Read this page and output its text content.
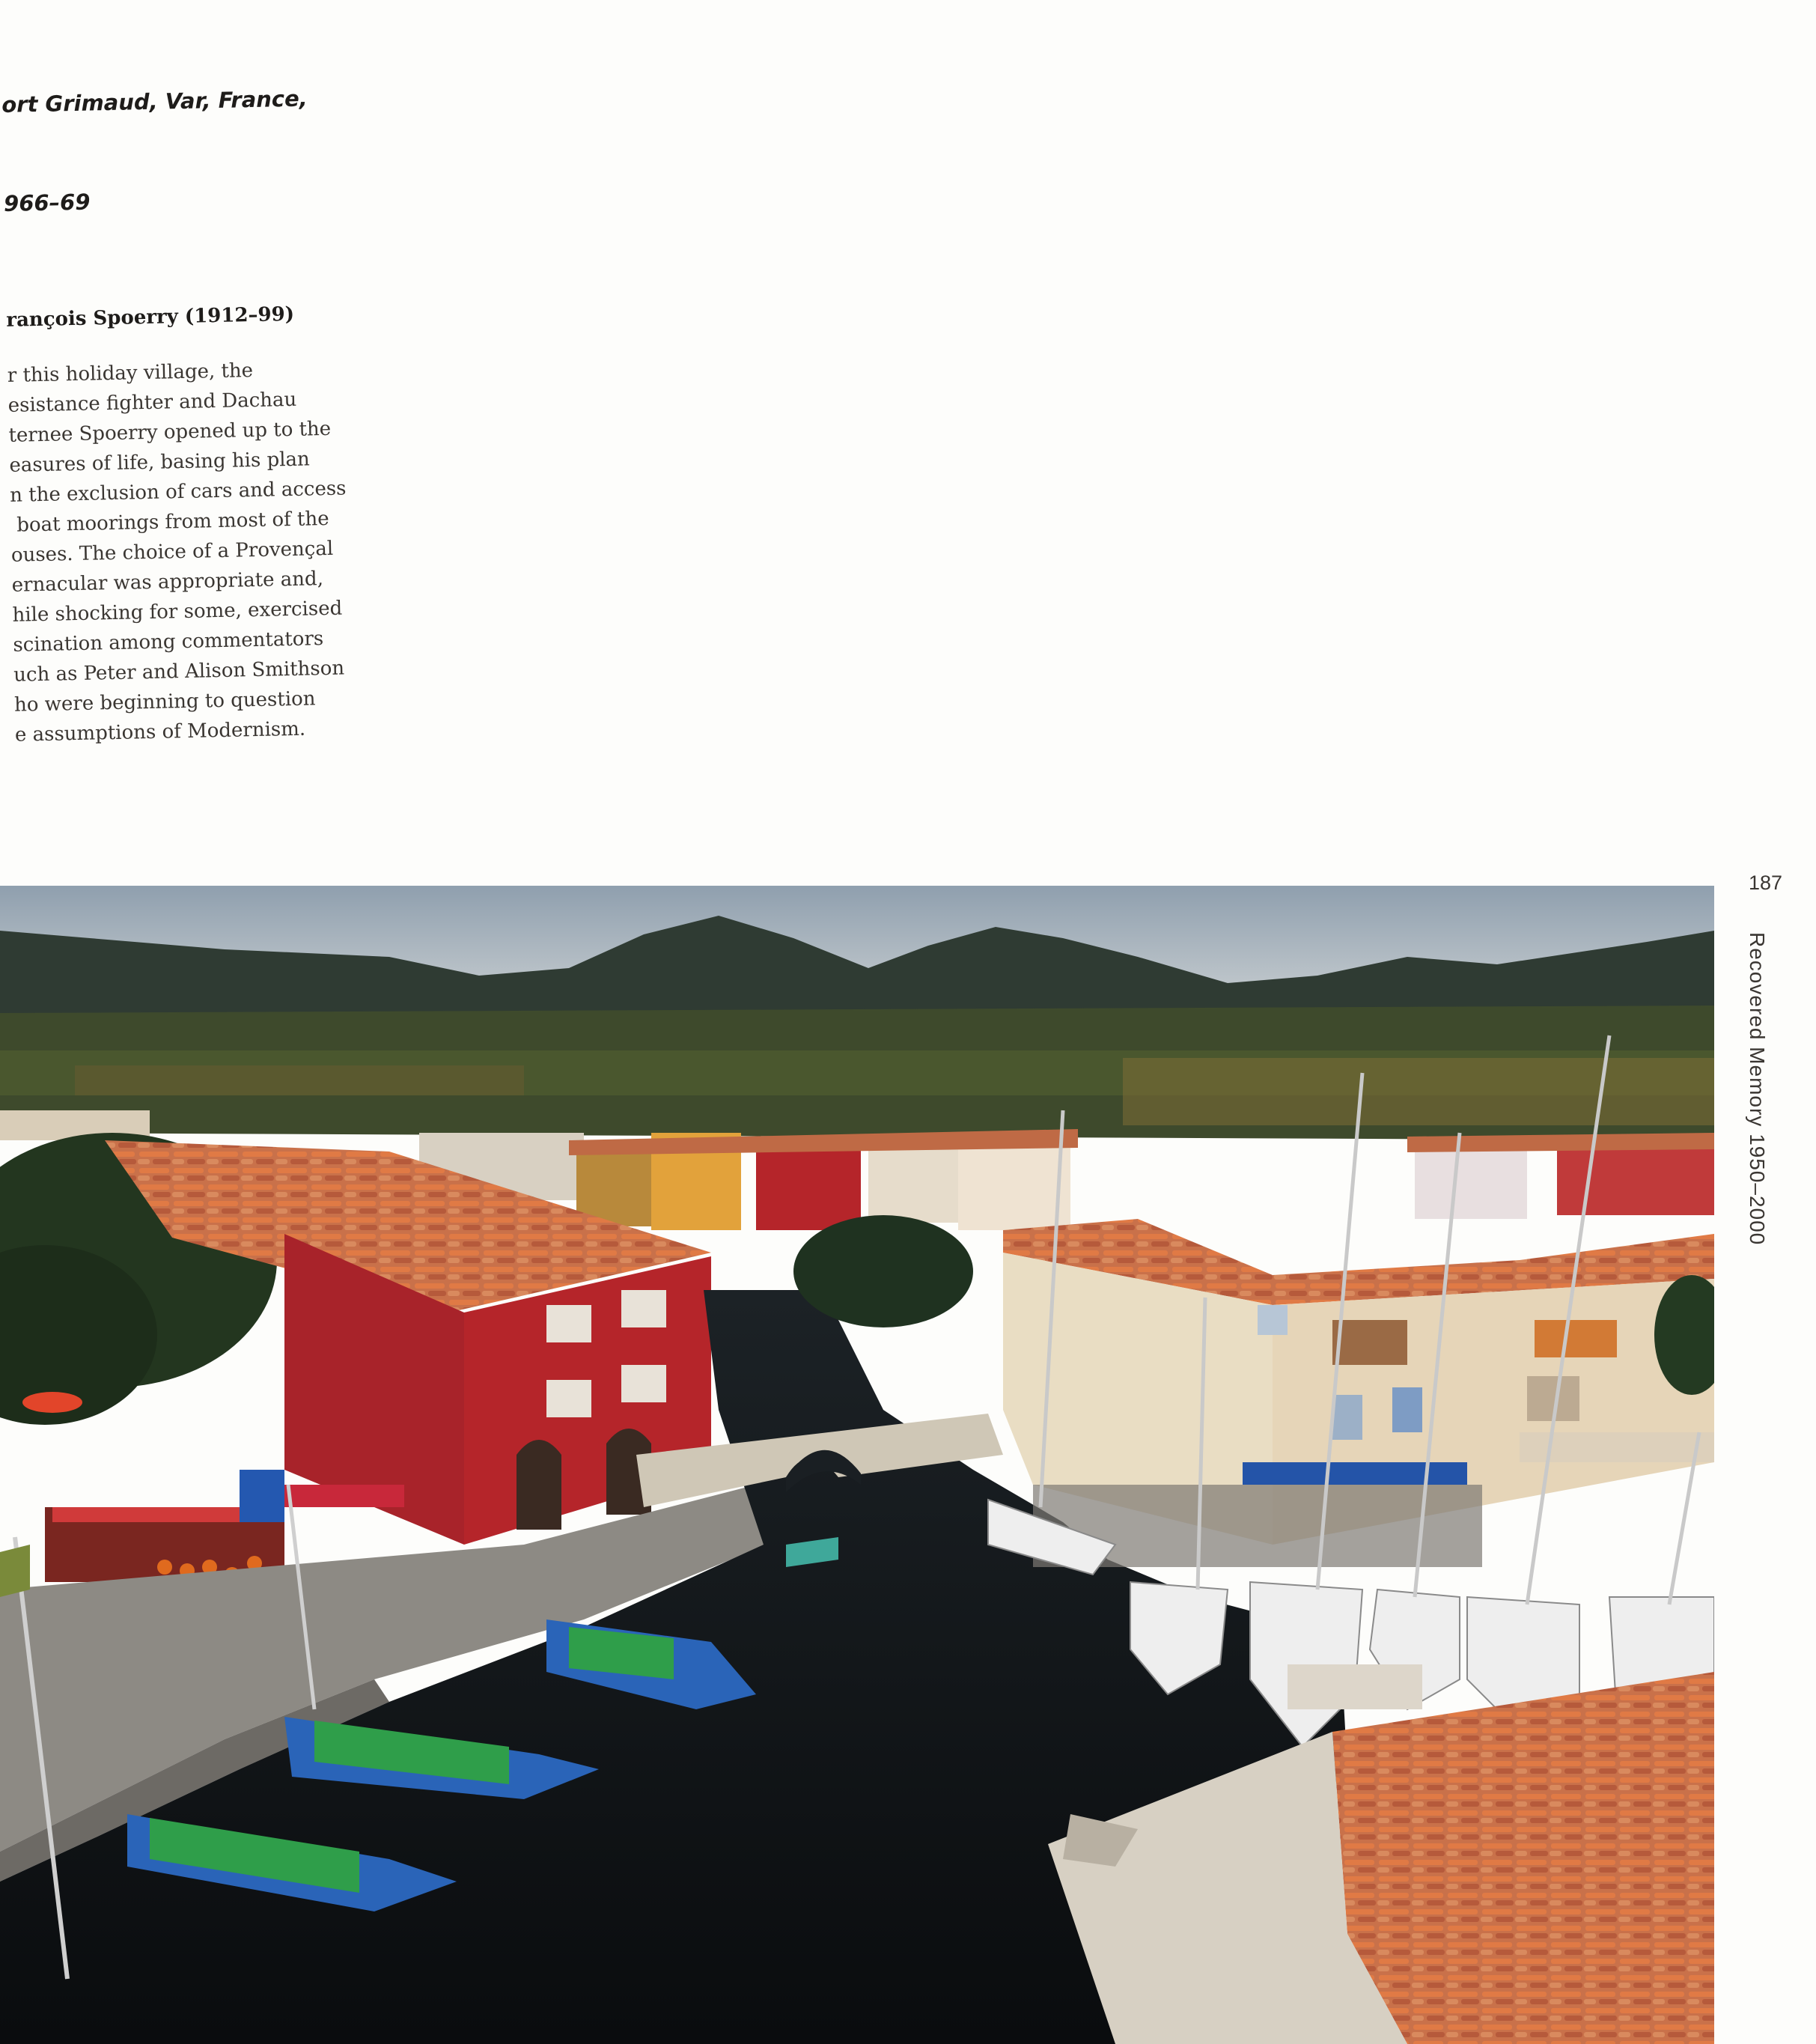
ort Grimaud, Var, France,

966–69

rançois Spoerry (1912–99)
r this holiday village, the
esistance fighter and Dachau
ternee Spoerry opened up to the
easures of life, basing his plan
n the exclusion of cars and access
boat moorings from most of the
ouses. The choice of a Provençal
ernacular was appropriate and,
hile shocking for some, exercised
scination among commentators
uch as Peter and Alison Smithson
ho were beginning to question
e assumptions of Modernism.
187
Recovered Memory 1950–2000
